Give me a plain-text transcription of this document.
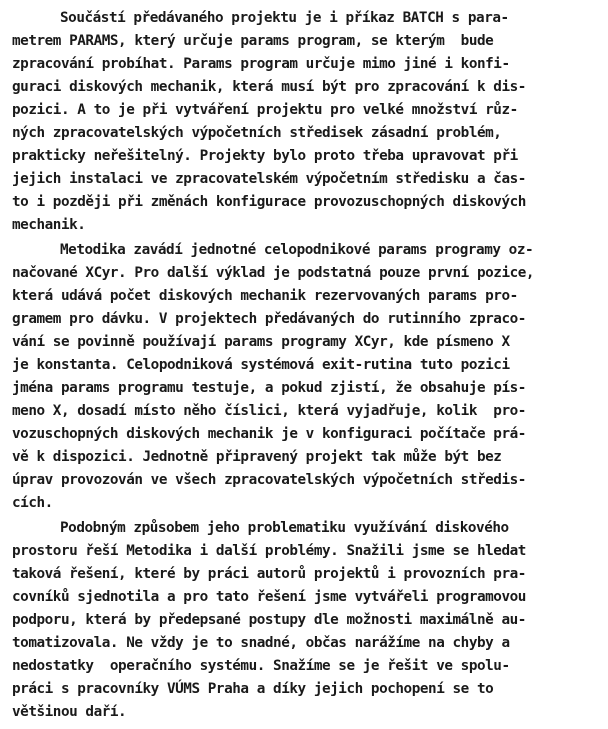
Součástí předávaného projektu je i příkaz BATCH s para-
metrem PARAMS, který určuje params program, se kterým  bude
zpracování probíhat. Params program určuje mimo jiné i konfi-
guraci diskových mechanik, která musí být pro zpracování k dis-
pozici. A to je při vytváření projektu pro velké množství růz-
ných zpracovatelských výpočetních středisek zásadní problém,
prakticky neřešitelný. Projekty bylo proto třeba upravovat při
jejich instalaci ve zpracovatelském výpočetním středisku a čas-
to i později při změnách konfigurace provozuschopných diskových
mechanik.
Metodika zavádí jednotné celopodnikové params programy oz-
načované XCyr. Pro další výklad je podstatná pouze první pozice,
která udává počet diskových mechanik rezervovaných params pro-
gramem pro dávku. V projektech předávaných do rutinního zpraco-
vání se povinně používají params programy XCyr, kde písmeno X
je konstanta. Celopodniková systémová exit-rutina tuto pozici
jména params programu testuje, a pokud zjistí, že obsahuje pís-
meno X, dosadí místo něho číslici, která vyjadřuje, kolik  pro-
vozuschopných diskových mechanik je v konfiguraci počítače prá-
vě k dispozici. Jednotně připravený projekt tak může být bez
úprav provozován ve všech zpracovatelských výpočetních středis-
cích.
Podobným způsobem jeho problematiku využívání diskového
prostoru řeší Metodika i další problémy. Snažili jsme se hledat
taková řešení, které by práci autorů projektů i provozních pra-
covníků sjednotila a pro tato řešení jsme vytvářeli programovou
podporu, která by předepsané postupy dle možnosti maximálně au-
tomatizovala. Ne vždy je to snadné, občas narážíme na chyby a
nedostatky  operačního systému. Snažíme se je řešit ve spolu-
práci s pracovníky VÚMS Praha a díky jejich pochopení se to
většinou daří.
